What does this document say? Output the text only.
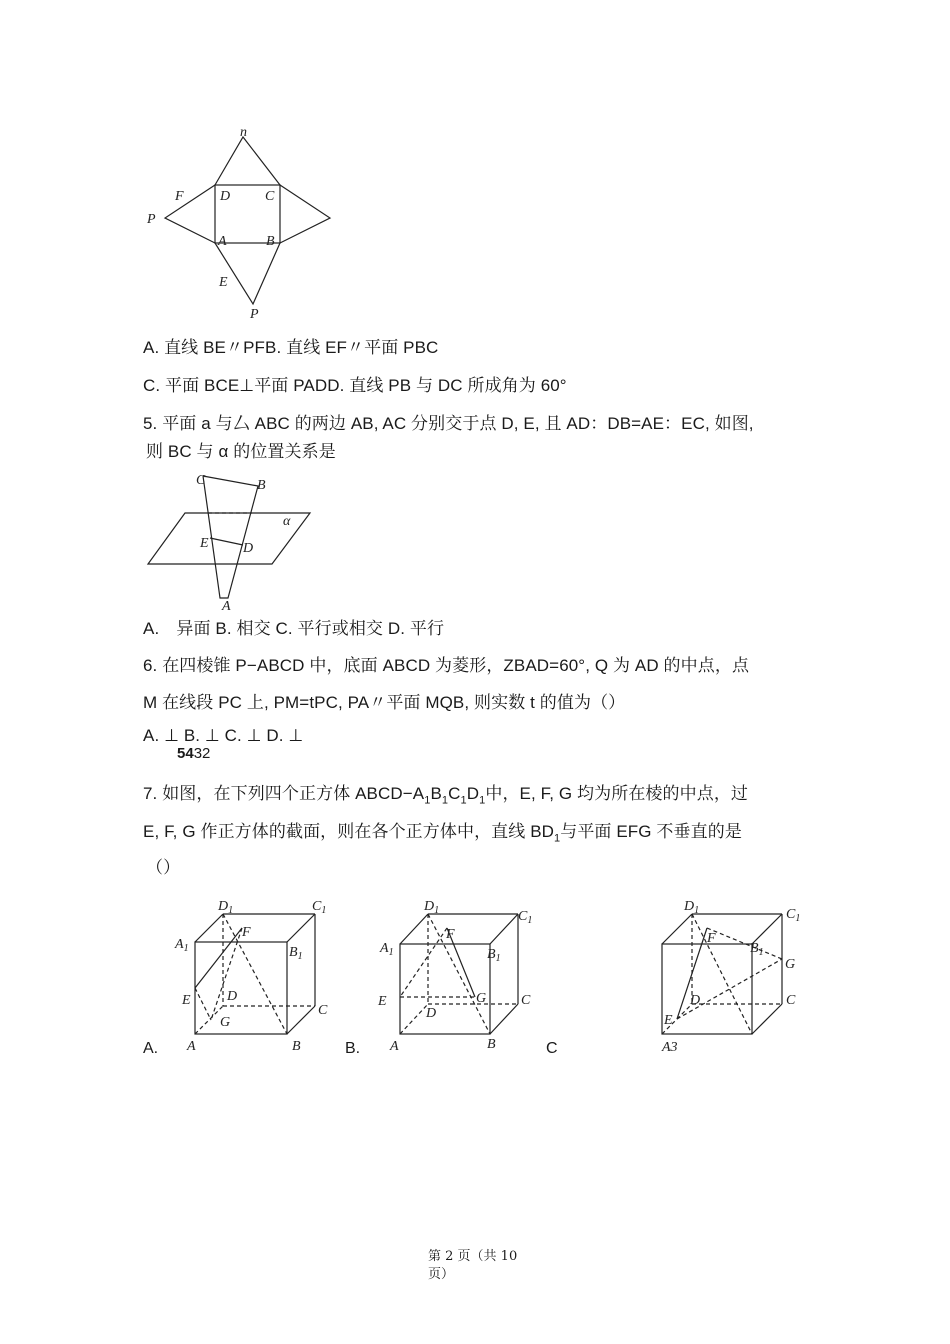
n
F	D C
P
A	B
E
P
A. 直线 BE〃PFB. 直线 EF〃平面 PBC
C. 平面 BCE⊥平面 PADD. 直线 PB 与 DC 所成角为 60°
5. 平面 a 与厶 ABC 的两边 AB, AC 分别交于点 D, E, 且 AD：DB=AE：EC, 如图,
则 BC 与 α 的位置关系是
C	B
α
E D
A
A.　异面 B. 相交 C. 平行或相交 D. 平行
6. 在四棱锥 P−ABCD 中，底面 ABCD 为菱形，ZBAD=60°, Q 为 AD 的中点，点
M 在线段 PC 上, PM=tPC, PA〃平面 MQB, 则实数 t 的值为（）
A. ⊥ B. ⊥ C. ⊥ D. ⊥
5432
7. 如图，在下列四个正方体 $ABCD-A_1B_1C_1D_1$中，E, F, G 均为所在棱的中点，过
E, F, G 作正方体的截面，则在各个正方体中，直线 $BD_1$与平面 EFG 不垂直的是
（）
$D_1$	$C_1$
$A_1$	$B_1$
F
E	D
C
G
A	B
A.
$D_1$	$C_1$
$A_1$	$B_1$
F
E	G
D
C
A	B
B.	C
$D_1$	$C_1$
$B_1$
F
G
D	C
E
A3
第 2 页（共 10
页）
